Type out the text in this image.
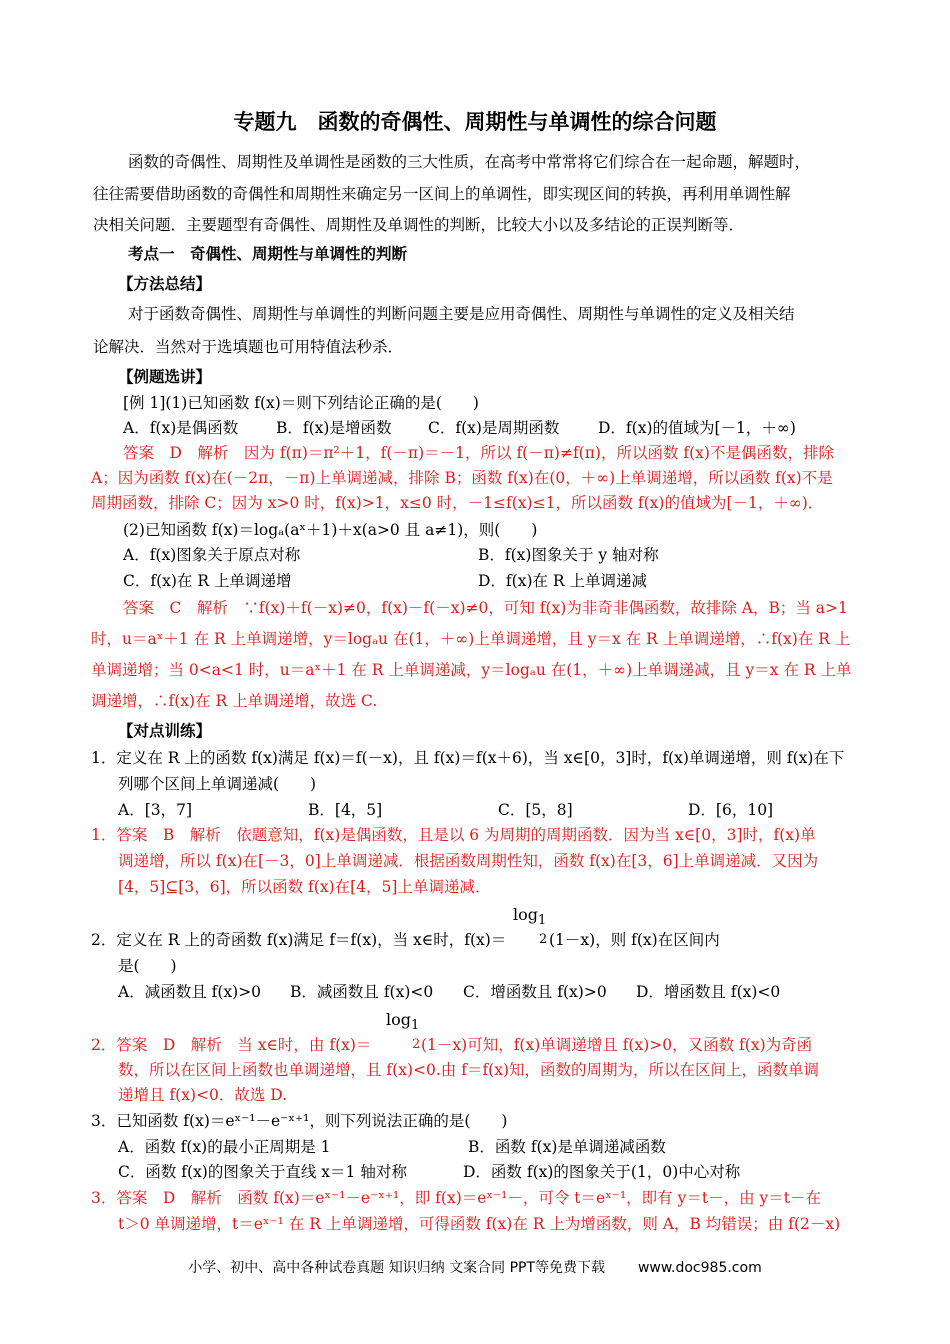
专题九　函数的奇偶性、周期性与单调性的综合问题
函数的奇偶性、周期性及单调性是函数的三大性质，在高考中常常将它们综合在一起命题，解题时，
往往需要借助函数的奇偶性和周期性来确定另一区间上的单调性，即实现区间的转换，再利用单调性解
决相关问题．主要题型有奇偶性、周期性及单调性的判断，比较大小以及多结论的正误判断等．
考点一　奇偶性、周期性与单调性的判断
【方法总结】
对于函数奇偶性、周期性与单调性的判断问题主要是应用奇偶性、周期性与单调性的定义及相关结
论解决．当然对于选填题也可用特值法秒杀．
【例题选讲】
[例 1](1)已知函数 f(x)＝则下列结论正确的是(　　)
A．f(x)是偶函数 B．f(x)是增函数 C．f(x)是周期函数 D．f(x)的值域为[－1，＋∞)
答案　D　解析　因为 f(π)＝π²＋1，f(－π)＝－1，所以 f(－π)≠f(π)，所以函数 f(x)不是偶函数，排除
A；因为函数 f(x)在(－2π，－π)上单调递减，排除 B；函数 f(x)在(0，＋∞)上单调递增，所以函数 f(x)不是
周期函数，排除 C；因为 x>0 时，f(x)>1，x≤0 时，－1≤f(x)≤1，所以函数 f(x)的值域为[－1，＋∞)．
(2)已知函数 f(x)＝logₐ(aˣ＋1)＋x(a>0 且 a≠1)，则(　　)
A．f(x)图象关于原点对称	B．f(x)图象关于 y 轴对称
C．f(x)在 R 上单调递增	D．f(x)在 R 上单调递减
答案　C　解析　∵f(x)＋f(－x)≠0，f(x)－f(－x)≠0，可知 f(x)为非奇非偶函数，故排除 A，B；当 a>1
时，u＝aˣ＋1 在 R 上单调递增，y＝logₐu 在(1，＋∞)上单调递增，且 y＝x 在 R 上单调递增，∴f(x)在 R 上
单调递增；当 0<a<1 时，u＝aˣ＋1 在 R 上单调递减，y＝logₐu 在(1，＋∞)上单调递减，且 y＝x 在 R 上单
调递增，∴f(x)在 R 上单调递增，故选 C.
【对点训练】
1．定义在 R 上的函数 f(x)满足 f(x)＝f(－x)，且 f(x)＝f(x＋6)，当 x∈[0，3]时，f(x)单调递增，则 f(x)在下
列哪个区间上单调递减(　　)
A．[3，7]	B．[4，5]	C．[5，8]	D．[6，10]
1．答案　B　解析　依题意知，f(x)是偶函数，且是以 6 为周期的周期函数．因为当 x∈[0，3]时，f(x)单
调递增，所以 f(x)在[－3，0]上单调递减．根据函数周期性知，函数 f(x)在[3，6]上单调递减．又因为
[4，5]⊆[3，6]，所以函数 f(x)在[4，5]上单调递减．
$\log_1$
2．定义在 R 上的奇函数 f(x)满足 f＝f(x)，当 x∈时，f(x)＝	2 (1－x)，则 f(x)在区间内
是(　　)
A．减函数且 f(x)>0 B．减函数且 f(x)<0 C．增函数且 f(x)>0 D．增函数且 f(x)<0
$\log_1$
2．答案　D　解析　当 x∈时，由 f(x)＝	2 (1－x)可知，f(x)单调递增且 f(x)>0，又函数 f(x)为奇函
数，所以在区间上函数也单调递增，且 f(x)<0.由 f＝f(x)知，函数的周期为，所以在区间上，函数单调
递增且 f(x)<0．故选 D.
3．已知函数 f(x)＝eˣ⁻¹－e⁻ˣ⁺¹，则下列说法正确的是(　　)
A．函数 f(x)的最小正周期是 1	B．函数 f(x)是单调递减函数
C．函数 f(x)的图象关于直线 x＝1 轴对称	D．函数 f(x)的图象关于(1，0)中心对称
3．答案　D　解析　函数 f(x)＝eˣ⁻¹－e⁻ˣ⁺¹，即 f(x)＝eˣ⁻¹－，可令 t＝eˣ⁻¹，即有 y＝t－，由 y＝t－在
t＞0 单调递增，t＝eˣ⁻¹ 在 R 上单调递增，可得函数 f(x)在 R 上为增函数，则 A，B 均错误；由 f(2－x)
小学、初中、高中各种试卷真题 知识归纳 文案合同 PPT等免费下载 www.doc985.com
